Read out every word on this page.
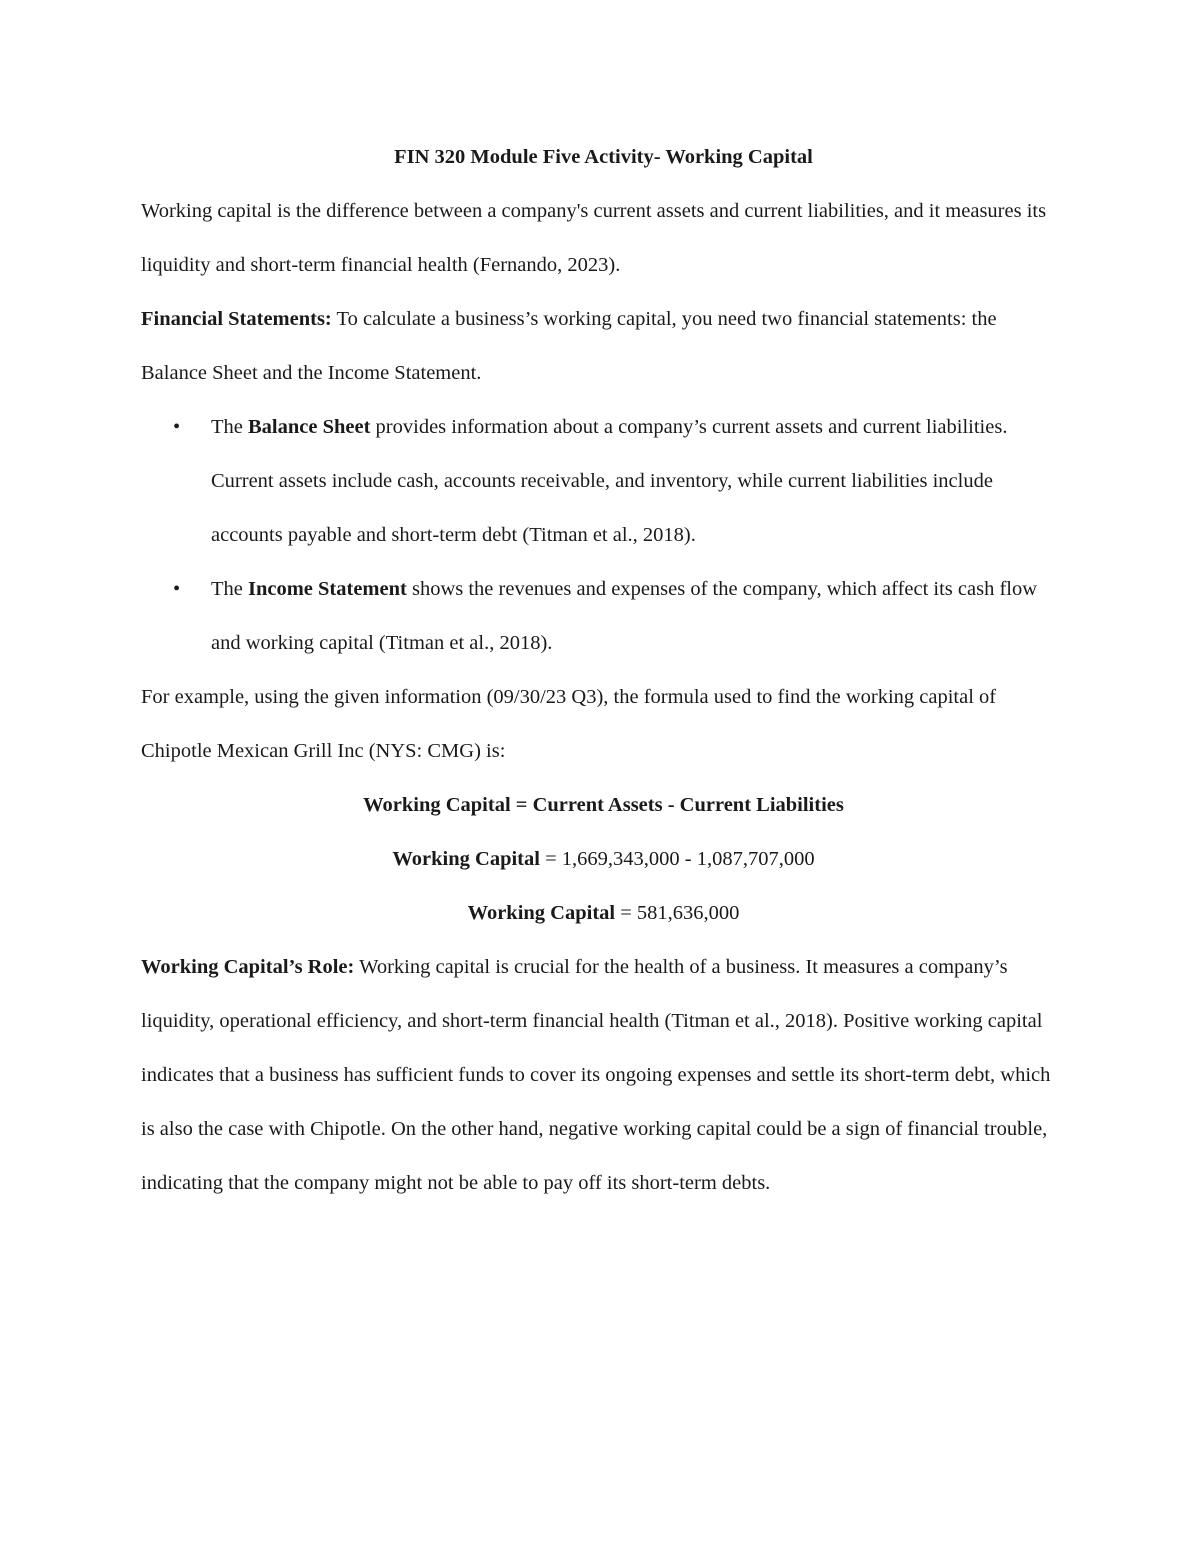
FIN 320 Module Five Activity- Working Capital

Working capital is the difference between a company's current assets and current liabilities, and it measures its liquidity and short-term financial health (Fernando, 2023).

Financial Statements: To calculate a business’s working capital, you need two financial statements: the Balance Sheet and the Income Statement.

• The Balance Sheet provides information about a company’s current assets and current liabilities. Current assets include cash, accounts receivable, and inventory, while current liabilities include accounts payable and short-term debt (Titman et al., 2018).
• The Income Statement shows the revenues and expenses of the company, which affect its cash flow and working capital (Titman et al., 2018).

For example, using the given information (09/30/23 Q3), the formula used to find the working capital of Chipotle Mexican Grill Inc (NYS: CMG) is:

Working Capital = Current Assets - Current Liabilities

Working Capital = 1,669,343,000 - 1,087,707,000

Working Capital = 581,636,000

Working Capital’s Role: Working capital is crucial for the health of a business. It measures a company’s liquidity, operational efficiency, and short-term financial health (Titman et al., 2018). Positive working capital indicates that a business has sufficient funds to cover its ongoing expenses and settle its short-term debt, which is also the case with Chipotle. On the other hand, negative working capital could be a sign of financial trouble, indicating that the company might not be able to pay off its short-term debts.
